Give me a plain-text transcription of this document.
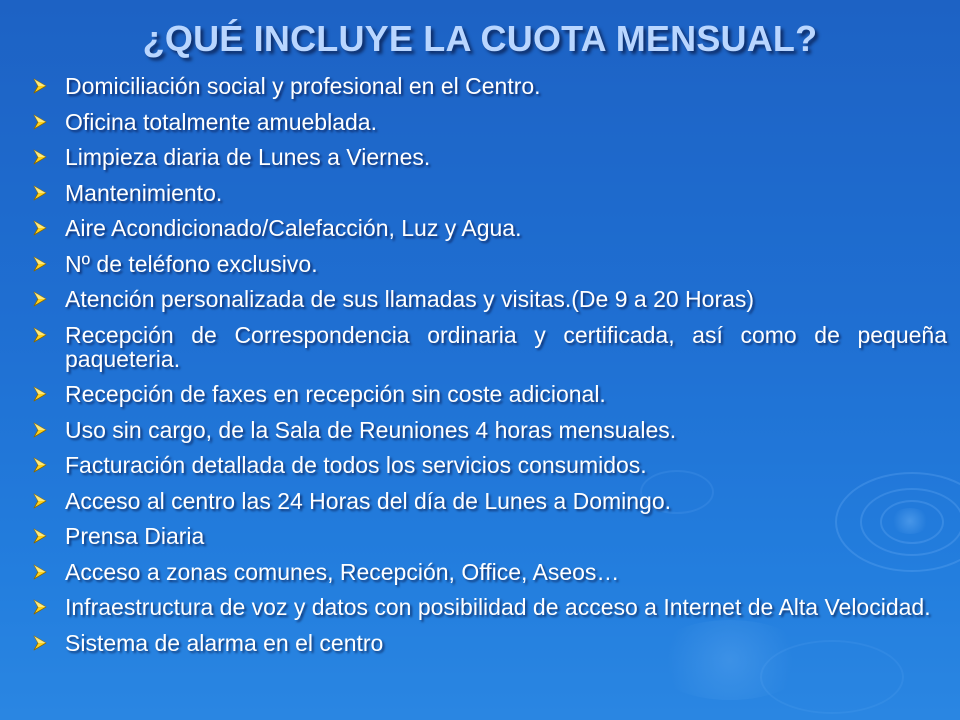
¿QUÉ INCLUYE LA CUOTA MENSUAL?
Domiciliación social y profesional en el Centro.
Oficina totalmente amueblada.
Limpieza diaria de Lunes a Viernes.
Mantenimiento.
Aire Acondicionado/Calefacción, Luz y Agua.
Nº de teléfono exclusivo.
Atención personalizada de sus llamadas y visitas.(De 9 a 20 Horas)
Recepción de Correspondencia ordinaria y certificada, así como de pequeña paqueteria.
Recepción de faxes en recepción sin coste adicional.
Uso sin cargo, de la Sala de Reuniones 4 horas mensuales.
Facturación detallada de todos los servicios consumidos.
Acceso al centro las 24 Horas del día de Lunes a Domingo.
Prensa Diaria
Acceso a zonas comunes, Recepción, Office, Aseos…
Infraestructura de voz y datos con posibilidad de acceso a Internet de Alta Velocidad.
Sistema de alarma en el centro
